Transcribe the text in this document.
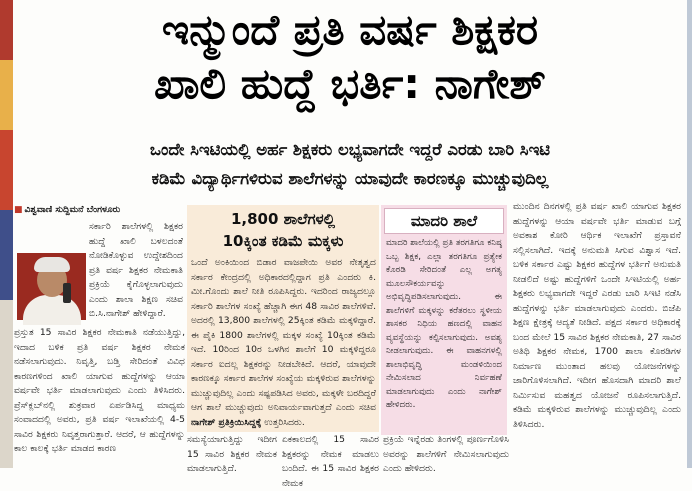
ಇನ್ಮುಂದೆ ಪ್ರತಿ ವರ್ಷ ಶಿಕ್ಷಕರ
ಖಾಲಿ ಹುದ್ದೆ ಭರ್ತಿ: ನಾಗೇಶ್
ಒಂದೇ ಸಿಇಟಿಯಲ್ಲಿ ಅರ್ಹ ಶಿಕ್ಷಕರು ಲಭ್ಯವಾಗದೇ ಇದ್ದರೆ ಎರಡು ಬಾರಿ ಸಿಇಟಿ
ಕಡಿಮೆ ವಿದ್ಯಾರ್ಥಿಗಳಿರುವ ಶಾಲೆಗಳನ್ನು ಯಾವುದೇ ಕಾರಣಕ್ಕೂ ಮುಚ್ಚುವುದಿಲ್ಲ
■ ವಿಶ್ವವಾಣಿ ಸುದ್ದಿಮನೆ ಬೆಂಗಳೂರು
ಸರ್ಕಾರಿ ಶಾಲೆಗಳಲ್ಲಿ ಶಿಕ್ಷಕರ ಹುದ್ದೆ ಖಾಲಿ ಬಳಲದಂತೆ ನೋಡಿಕೊಳ್ಳುವ ಉದ್ದೇಶದಿಂದ ಪ್ರತಿ ವರ್ಷ ಶಿಕ್ಷಕರ ನೇಮಕಾತಿ ಪ್ರಕ್ರಿಯೆ ಕೈಗೊಳ್ಳಲಾಗುವುದು ಎಂದು ಶಾಲಾ ಶಿಕ್ಷಣ ಸಚಿವ ಬಿ.ಸಿ.ನಾಗೇಶ್ ಹೇಳಿದ್ದಾರೆ.
ಪ್ರಸ್ತುತ 15 ಸಾವಿರ ಶಿಕ್ಷಕರ ನೇಮಕಾತಿ ನಡೆಯುತ್ತಿದ್ದು, ಇದಾದ ಬಳಿಕ ಪ್ರತಿ ವರ್ಷ ಶಿಕ್ಷಕರ ನೇಮಕ ನಡೆಸಲಾಗುವುದು. ನಿವೃತ್ತಿ, ಬಡ್ತಿ ಸೇರಿದಂತೆ ವಿವಿಧ ಕಾರಣಗಳಿಂದ ಖಾಲಿ ಯಾಗುವ ಹುದ್ದೆಗಳನ್ನು ಆಯಾ ವರ್ಷವೇ ಭರ್ತಿ ಮಾಡಲಾಗುವುದು ಎಂದು ತಿಳಿಸಿದರು. ಪ್ರೆಸ್‌ಕ್ಲಬ್‌ನಲ್ಲಿ ಶುಕ್ರವಾರ ಏರ್ಪಡಿಸಿದ್ದ ಮಾಧ್ಯಮ ಸಂವಾದದಲ್ಲಿ ಅವರು, ಪ್ರತಿ ವರ್ಷ ಇಲಾಖೆಯಲ್ಲಿ 4-5 ಸಾವಿರ ಶಿಕ್ಷಕರು ನಿವೃತ್ತರಾಗುತ್ತಾರೆ. ಆದರೆ, ಆ ಹುದ್ದೆಗಳನ್ನು ಕಾಲ ಕಾಲಕ್ಕೆ ಭರ್ತಿ ಮಾಡದ ಕಾರಣ
1,800 ಶಾಲೆಗಳಲ್ಲಿ
10ಕ್ಕಿಂತ ಕಡಿಮೆ ಮಕ್ಕಳು
ಒಂದೆ ಅಂಕಿಯಿಂದ ಬಿಡಾರ ವಾಜಪೇಯಿ ಅವರ ನೇತೃತ್ವದ ಸರ್ಕಾರ ಕೇಂದ್ರದಲ್ಲಿ ಅಧಿಕಾರದಲ್ಲಿದ್ದಾಗ ಪ್ರತಿ ಎಂದರು ಕಿ. ಮೀ.ಗೊಂದು ಶಾಲೆ ನೀತಿ ರೂಪಿಸಿದ್ದರು. ಇದರಿಂದ ರಾಜ್ಯದಲ್ಲೂ ಸರ್ಕಾರಿ ಶಾಲೆಗಳ ಸಂಖ್ಯೆ ಹೆಚ್ಚಾಗಿ ಈಗ 48 ಸಾವಿರ ಶಾಲೆಗಳಿವೆ. ಅದರಲ್ಲಿ 13,800 ಶಾಲೆಗಳಲ್ಲಿ 25ಕ್ಕಿಂತ ಕಡಿಮೆ ಮಕ್ಕಳಿದ್ದಾರೆ. ಈ ಪೈಕಿ 1800 ಶಾಲೆಗಳಲ್ಲಿ ಮಕ್ಕಳ ಸಂಖ್ಯೆ 10ಕ್ಕಿಂತ ಕಡಿಮೆ ಇದೆ. 10ರಿಂದ 10ರ ಒಳಗಿನ ಶಾಲೆಗೆ 10 ಮಕ್ಕಳಿದ್ದರೂ ಸರ್ಕಾರ ಐದಲ್ಲ ಶಿಕ್ಷಕರನ್ನು ನೀಡಬೇಕಿದೆ. ಆದರೆ, ಯಾವುದೇ ಕಾರಣಕ್ಕೂ ಸರ್ಕಾರ ಶಾಲೆಗಳ ಸಂಖ್ಯೆಯ ಮಕ್ಕಳಿರುವ ಶಾಲೆಗಳನ್ನು ಮುಚ್ಚುವುದಿಲ್ಲ ಎಂದು ಸಷ್ಟಪಡಿಸಿದ ಅವರು, ಮಕ್ಕಳೇ ಬರದಿದ್ದರೆ ಆಗ ಶಾಲೆ ಮುಚ್ಚುವುದು ಅನಿವಾರ್ಯವಾಗುತ್ತದೆ ಎಂದು ಸಚಿವ ನಾಗೇಶ್ ಪ್ರತಿಕ್ರಿಯಿಸಿದ್ದಕ್ಕೆ ಉತ್ತರಿಸಿದರು.
ಮಾದರಿ ಶಾಲೆ
ಮಾದರಿ ಶಾಲೆಯಲ್ಲಿ ಪ್ರತಿ ತರಗತಿಗೂ ಕನಿಷ್ಠ ಒಬ್ಬ ಶಿಕ್ಷಕ, ಎಲ್ಲಾ ತರಗತಿಗೂ ಪ್ರತ್ಯೇಕ ಕೊಠಡಿ ಸೇರಿದಂತೆ ಎಲ್ಲ ಅಗತ್ಯ ಮೂಲಸೌಕರ್ಯವನ್ನು ಅಭಿವೃದ್ಧಿಪಡಿಸಲಾಗುವುದು. ಈ ಶಾಲೆಗಳಿಗೆ ಮಕ್ಕಳನ್ನು ಕರೆತರಲು ಸ್ಥಳೀಯ ಶಾಸಕರ ನಿಧಿಯ ಹಣದಲ್ಲಿ ವಾಹನ ವ್ಯವಸ್ಥೆಯನ್ನು ಕಲ್ಪಿಸಲಾಗುವುದು. ಅವಶ್ಯ ನೀಡಲಾಗುವುದು. ಈ ವಾಹನಗಳಲ್ಲಿ ಶಾಲಾಭಿವೃದ್ಧಿ ಮಂಡಳಿಯಿಂದ ನೇಮಿಸಲಾದ ನಿರ್ವಹಣೆ ಮಾಡಲಾಗುವುದು ಎಂದು ನಾಗೇಶ್ ಹೇಳಿದರು.
ಮುಂದಿನ ದಿನಗಳಲ್ಲಿ ಪ್ರತಿ ವರ್ಷ ಖಾಲಿ ಯಾಗುವ ಶಿಕ್ಷಕರ ಹುದ್ದೆಗಳನ್ನು ಆಯಾ ವರ್ಷವೇ ಭರ್ತಿ ಮಾಡುವ ಬಗ್ಗೆ ಅವಕಾಶ ಕೋರಿ ಆರ್ಥಿಕ ಇಲಾಖೆಗೆ ಪ್ರಸ್ತಾವನೆ ಸಲ್ಲಿಸಲಾಗಿದೆ. ಇದಕ್ಕೆ ಅನುಮತಿ ಸಿಗುವ ವಿಶ್ವಾಸ ಇದೆ. ಬಳಿಕ ಸರ್ಕಾರ ಎಷ್ಟು ಶಿಕ್ಷಕರ ಹುದ್ದೆಗಳ ಭರ್ತಿಗೆ ಅನುಮತಿ ನೀಡಲಿದೆ ಅಷ್ಟು ಹುದ್ದೆಗಳಿಗೆ ಒಂದೇ ಸಿಇಟಿಯಲ್ಲಿ ಅರ್ಹ ಶಿಕ್ಷಕರು ಲಭ್ಯವಾಗದೇ ಇದ್ದರೆ ಎರಡು ಬಾರಿ ಸಿಇಟಿ ನಡೆಸಿ ಹುದ್ದೆಗಳನ್ನು ಭರ್ತಿ ಮಾಡಲಾಗುವುದು ಎಂದರು. ಬಿಜೆಪಿ ಶಿಕ್ಷಣ ಕ್ಷೇತ್ರಕ್ಕೆ ಆದ್ಯತೆ ನೀಡಿದೆ. ಪಕ್ಷದ ಸರ್ಕಾರ ಅಧಿಕಾರಕ್ಕೆ ಬಂದ ಮೇಲೆ 15 ಸಾವಿರ ಶಿಕ್ಷಕರ ನೇಮಕಾತಿ, 27 ಸಾವಿರ ಅತಿಥಿ ಶಿಕ್ಷಕರ ನೇಮಕ, 1700 ಶಾಲಾ ಕೊಠಡಿಗಳ ನಿರ್ಮಾಣ ಮುಂತಾದ ಹಲವು ಯೋಜನೆಗಳನ್ನು ಜಾರಿಗೊಳಿಸಲಾಗಿದೆ. ಇದೀಗ ಹೊಸದಾಗಿ ಮಾದರಿ ಶಾಲೆ ನಿರ್ಮಿಸುವ ಮಹತ್ವದ ಯೋಜನೆ ರೂಪಿಸಲಾಗುತ್ತಿದೆ. ಕಡಿಮೆ ಮಕ್ಕಳಿರುವ ಶಾಲೆಗಳನ್ನು ಮುಚ್ಚುವುದಿಲ್ಲ ಎಂದು ತಿಳಿಸಿದರು.
ಸಮಸ್ಯೆಯಾಗುತ್ತಿದ್ದು ಇದೀಗ 15 ಸಾವಿರ ಶಿಕ್ಷಕರ ನೇಮಕ ಮಾಡಲಾಗುತ್ತಿದೆ.
ಏಕಕಾಲದಲ್ಲಿ 15 ಸಾವಿರ ಶಿಕ್ಷಕರನ್ನು ನೇಮಕ ಮಾಡಲು ಬಂದಿದೆ. ಈ 15 ಸಾವಿರ ಶಿಕ್ಷಕರ ನೇಮಕ
ಪ್ರಕ್ರಿಯೆ ಇನ್ನೆರಡು ತಿಂಗಳಲ್ಲಿ ಪೂರ್ಣಗೊಳಿಸಿ ಅವರನ್ನು ಶಾಲೆಗಳಿಗೆ ನೇಮಿಸಲಾಗುವುದು ಎಂದು ಹೇಳಿದರು.
